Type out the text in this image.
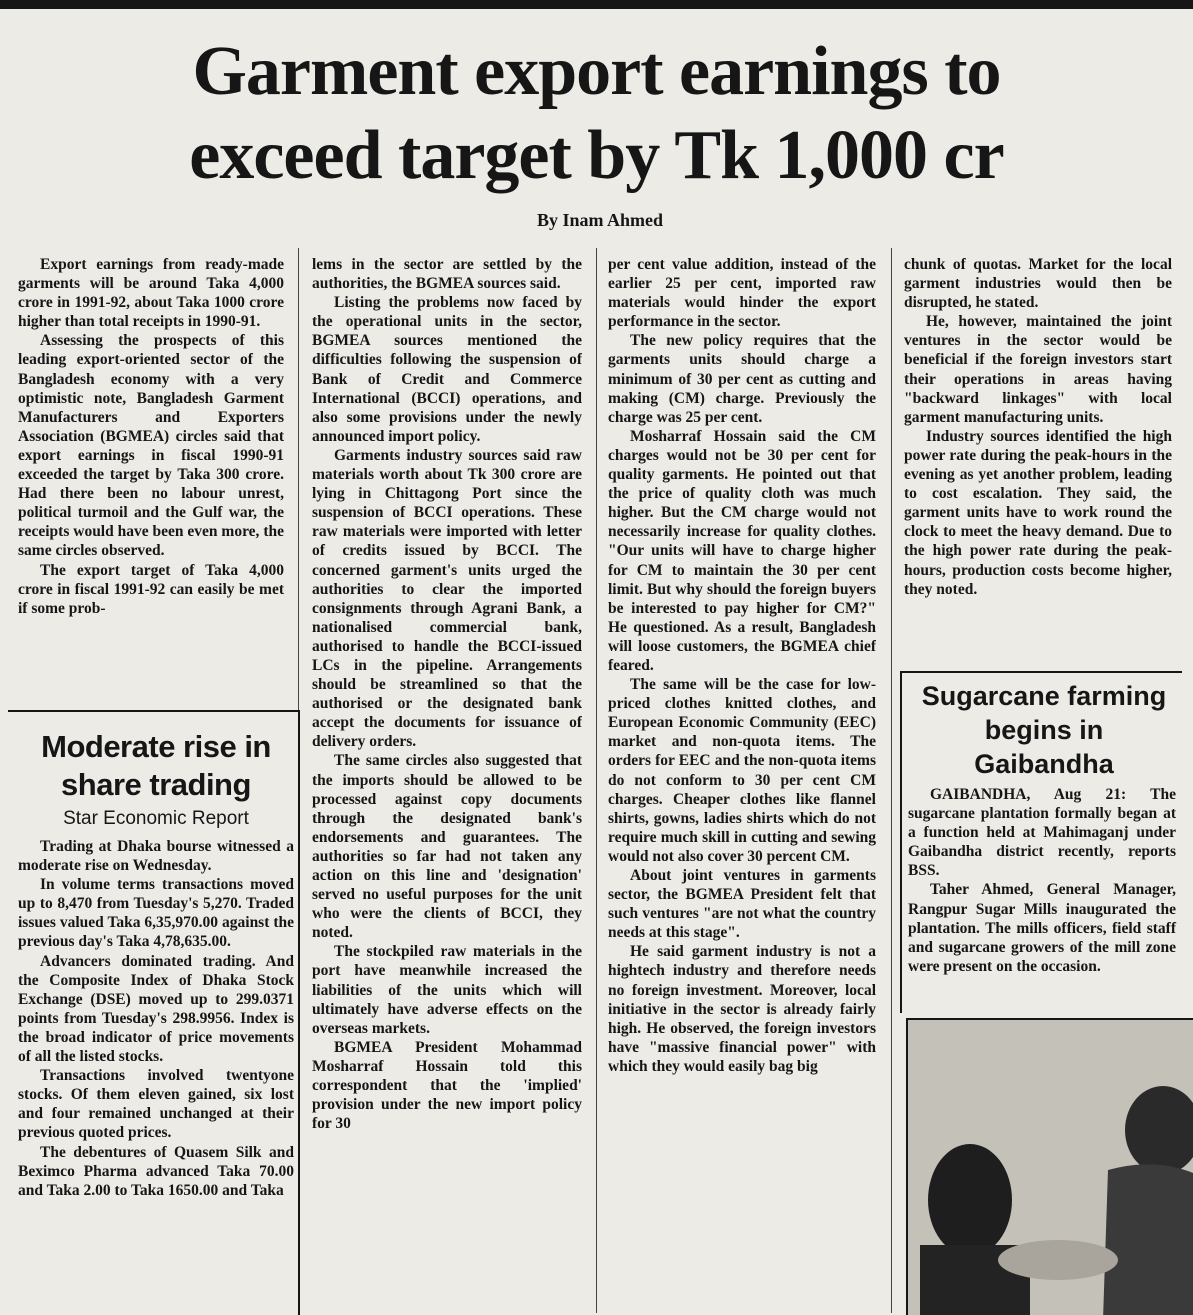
Garment export earnings to
exceed target by Tk 1,000 cr
By Inam Ahmed

Export earnings from ready-made garments will be around Taka 4,000 crore in 1991-92, about Taka 1000 crore higher than total receipts in 1990-91.

Assessing the prospects of this leading export-oriented sector of the Bangladesh economy with a very optimistic note, Bangladesh Garment Manufacturers and Exporters Association (BGMEA) circles said that export earnings in fiscal 1990-91 exceeded the target by Taka 300 crore. Had there been no labour unrest, political turmoil and the Gulf war, the receipts would have been even more, the same circles observed.

The export target of Taka 4,000 crore in fiscal 1991-92 can easily be met if some prob-

Moderate rise in
share trading
Star Economic Report

Trading at Dhaka bourse witnessed a moderate rise on Wednesday.

In volume terms transactions moved up to 8,470 from Tuesday's 5,270. Traded issues valued Taka 6,35,970.00 against the previous day's Taka 4,78,635.00.

Advancers dominated trading. And the Composite Index of Dhaka Stock Exchange (DSE) moved up to 299.0371 points from Tuesday's 298.9956. Index is the broad indicator of price movements of all the listed stocks.

Transactions involved twentyone stocks. Of them eleven gained, six lost and four remained unchanged at their previous quoted prices.

The debentures of Quasem Silk and Beximco Pharma advanced Taka 70.00 and Taka 2.00 to Taka 1650.00 and Taka

lems in the sector are settled by the authorities, the BGMEA sources said.

Listing the problems now faced by the operational units in the sector, BGMEA sources mentioned the difficulties following the suspension of Bank of Credit and Commerce International (BCCI) operations, and also some provisions under the newly announced import policy.

Garments industry sources said raw materials worth about Tk 300 crore are lying in Chittagong Port since the suspension of BCCI operations. These raw materials were imported with letter of credits issued by BCCI. The concerned garment's units urged the authorities to clear the imported consignments through Agrani Bank, a nationalised commercial bank, authorised to handle the BCCI-issued LCs in the pipeline. Arrangements should be streamlined so that the authorised or the designated bank accept the documents for issuance of delivery orders.

The same circles also suggested that the imports should be allowed to be processed against copy documents through the designated bank's endorsements and guarantees. The authorities so far had not taken any action on this line and 'designation' served no useful purposes for the unit who were the clients of BCCI, they noted.

The stockpiled raw materials in the port have meanwhile increased the liabilities of the units which will ultimately have adverse effects on the overseas markets.

BGMEA President Mohammad Mosharraf Hossain told this correspondent that the 'implied' provision under the new import policy for 30

per cent value addition, instead of the earlier 25 per cent, imported raw materials would hinder the export performance in the sector.

The new policy requires that the garments units should charge a minimum of 30 per cent as cutting and making (CM) charge. Previously the charge was 25 per cent.

Mosharraf Hossain said the CM charges would not be 30 per cent for quality garments. He pointed out that the price of quality cloth was much higher. But the CM charge would not necessarily increase for quality clothes. "Our units will have to charge higher for CM to maintain the 30 per cent limit. But why should the foreign buyers be interested to pay higher for CM?" He questioned. As a result, Bangladesh will loose customers, the BGMEA chief feared.

The same will be the case for low-priced clothes knitted clothes, and European Economic Community (EEC) market and non-quota items. The orders for EEC and the non-quota items do not conform to 30 per cent CM charges. Cheaper clothes like flannel shirts, gowns, ladies shirts which do not require much skill in cutting and sewing would not also cover 30 percent CM.

About joint ventures in garments sector, the BGMEA President felt that such ventures "are not what the country needs at this stage".

He said garment industry is not a hightech industry and therefore needs no foreign investment. Moreover, local initiative in the sector is already fairly high. He observed, the foreign investors have "massive financial power" with which they would easily bag big

chunk of quotas. Market for the local garment industries would then be disrupted, he stated.

He, however, maintained the joint ventures in the sector would be beneficial if the foreign investors start their operations in areas having "backward linkages" with local garment manufacturing units.

Industry sources identified the high power rate during the peak-hours in the evening as yet another problem, leading to cost escalation. They said, the garment units have to work round the clock to meet the heavy demand. Due to the high power rate during the peak-hours, production costs become higher, they noted.

Sugarcane farming
begins in
Gaibandha

GAIBANDHA, Aug 21: The sugarcane plantation formally began at a function held at Mahimaganj under Gaibandha district recently, reports BSS.

Taher Ahmed, General Manager, Rangpur Sugar Mills inaugurated the plantation. The mills officers, field staff and sugarcane growers of the mill zone were present on the occasion.
